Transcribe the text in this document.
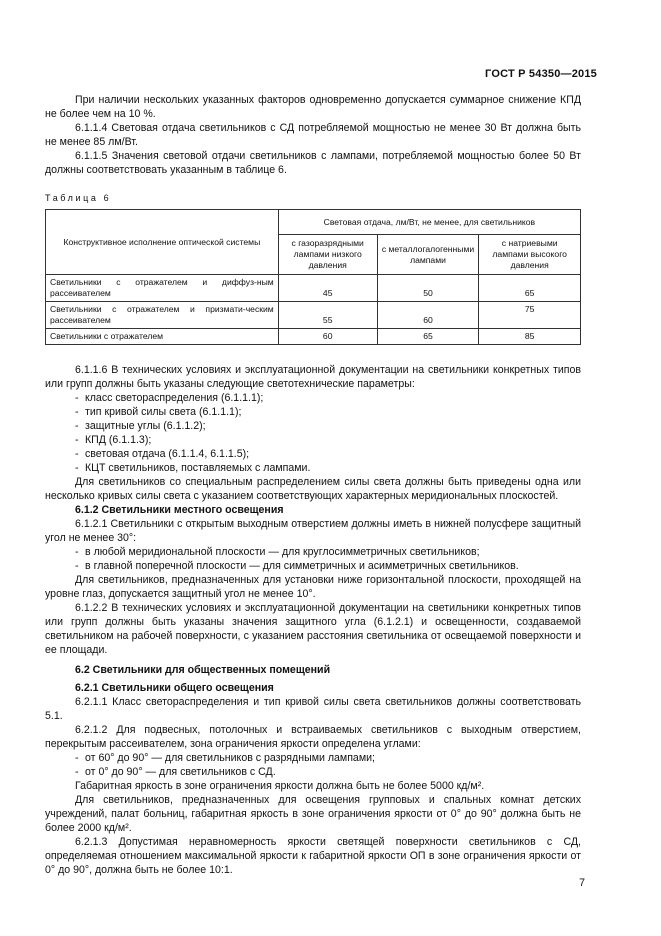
ГОСТ Р 54350—2015

При наличии нескольких указанных факторов одновременно допускается суммарное снижение КПД не более чем на 10 %.

6.1.1.4 Световая отдача светильников с СД потребляемой мощностью не менее 30 Вт должна быть не менее 85 лм/Вт.

6.1.1.5 Значения световой отдачи светильников с лампами, потребляемой мощностью более 50 Вт должны соответствовать указанным в таблице 6.

Таблица 6
Конструктивное исполнение оптической системы	Световая отдача, лм/Вт, не менее, для светильников		
	с газоразрядными лампами низкого давления	с металлогалогенными лампами	с натриевыми лампами высокого давления
Светильники с отражателем и диффуз-ным рассеивателем	45	50	65
Светильники с отражателем и призмати-ческим рассеивателем	55	60	75
Светильники с отражателем	60	65	85

6.1.1.6 В технических условиях и эксплуатационной документации на светильники конкретных типов или групп должны быть указаны следующие светотехнические параметры:

- класс светораспределения (6.1.1.1);
- тип кривой силы света (6.1.1.1);
- защитные углы (6.1.1.2);
- КПД (6.1.1.3);
- световая отдача (6.1.1.4, 6.1.1.5);
- КЦТ светильников, поставляемых с лампами.

Для светильников со специальным распределением силы света должны быть приведены одна или несколько кривых силы света с указанием соответствующих характерных меридиональных плоскостей.

6.1.2 Светильники местного освещения

6.1.2.1 Светильники с открытым выходным отверстием должны иметь в нижней полусфере защитный угол не менее 30°:

- в любой меридиональной плоскости — для круглосимметричных светильников;
- в главной поперечной плоскости — для симметричных и асимметричных светильников.

Для светильников, предназначенных для установки ниже горизонтальной плоскости, проходящей на уровне глаз, допускается защитный угол не менее 10°.

6.1.2.2 В технических условиях и эксплуатационной документации на светильники конкретных типов или групп должны быть указаны значения защитного угла (6.1.2.1) и освещенности, создаваемой светильником на рабочей поверхности, с указанием расстояния светильника от освещаемой поверхности и ее площади.

6.2 Светильники для общественных помещений

6.2.1 Светильники общего освещения

6.2.1.1 Класс светораспределения и тип кривой силы света светильников должны соответствовать 5.1.

6.2.1.2 Для подвесных, потолочных и встраиваемых светильников с выходным отверстием, перекрытым рассеивателем, зона ограничения яркости определена углами:

- от 60° до 90° — для светильников с разрядными лампами;
- от 0° до 90° — для светильников с СД.

Габаритная яркость в зоне ограничения яркости должна быть не более 5000 кд/м².

Для светильников, предназначенных для освещения групповых и спальных комнат детских учреждений, палат больниц, габаритная яркость в зоне ограничения яркости от 0° до 90° должна быть не более 2000 кд/м².

6.2.1.3 Допустимая неравномерность яркости светящей поверхности светильников с СД, определяемая отношением максимальной яркости к габаритной яркости ОП в зоне ограничения яркости от 0° до 90°, должна быть не более 10:1.

7
